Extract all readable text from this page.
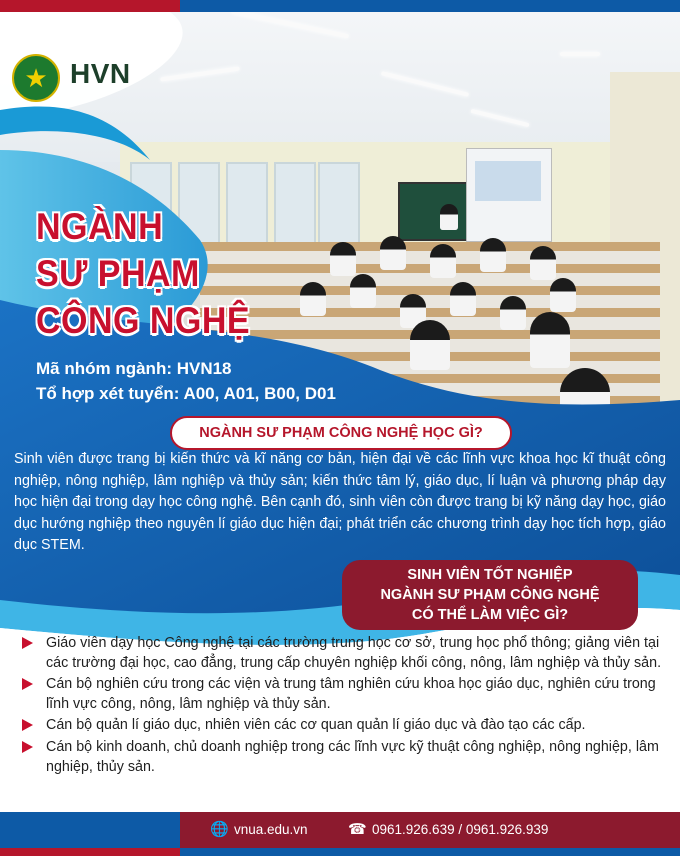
★ HVN
NGÀNH
SƯ PHẠM
CÔNG NGHỆ
Mã nhóm ngành: HVN18
Tổ hợp xét tuyển: A00, A01, B00, D01
NGÀNH SƯ PHẠM CÔNG NGHỆ HỌC GÌ?
Sinh viên được trang bị kiến thức và kĩ năng cơ bản, hiện đại về các lĩnh vực khoa học kĩ thuật công nghiệp, nông nghiệp, lâm nghiệp và thủy sản; kiến thức tâm lý, giáo dục, lí luận và phương pháp dạy học hiện đại trong dạy học công nghệ. Bên cạnh đó, sinh viên còn được trang bị kỹ năng dạy học, giáo dục hướng nghiệp theo nguyên lí giáo dục hiện đại; phát triển các chương trình dạy học tích hợp, giáo dục STEM.
SINH VIÊN TỐT NGHIỆP
NGÀNH SƯ PHẠM CÔNG NGHỆ
CÓ THỂ LÀM VIỆC GÌ?
Giáo viên dạy học Công nghệ tại các trường trung học cơ sở, trung học phổ thông; giảng viên tại các trường đại học, cao đẳng, trung cấp chuyên nghiệp khối công, nông, lâm nghiệp và thủy sản.
Cán bộ nghiên cứu trong các viện và trung tâm nghiên cứu khoa học giáo dục, nghiên cứu trong lĩnh vực công, nông, lâm nghiệp và thủy sản.
Cán bộ quản lí giáo dục, nhiên viên các cơ quan quản lí giáo dục và đào tạo các cấp.
Cán bộ kinh doanh, chủ doanh nghiệp trong các lĩnh vực kỹ thuật công nghiệp, nông nghiệp, lâm nghiệp, thủy sản.
🌐 vnua.edu.vn	☎ 0961.926.639 / 0961.926.939
